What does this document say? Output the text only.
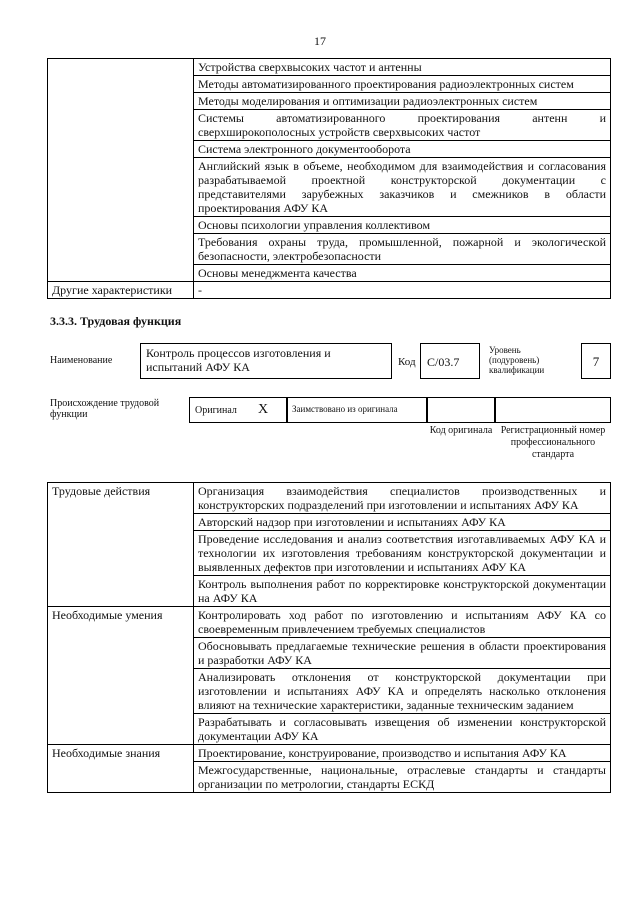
17
	Устройства сверхвысоких частот и антенны
	Методы автоматизированного проектирования радиоэлектронных систем
	Методы моделирования и оптимизации радиоэлектронных систем
	Системы автоматизированного проектирования антенн и сверхширокополосных устройств сверхвысоких частот
	Система электронного документооборота
	Английский язык в объеме, необходимом для взаимодействия и согласования разрабатываемой проектной конструкторской документации с представителями зарубежных заказчиков и смежников в области проектирования АФУ КА
	Основы психологии управления коллективом
	Требования охраны труда, промышленной, пожарной и экологической безопасности, электробезопасности
	Основы менеджмента качества
Другие характеристики	-
3.3.3. Трудовая функция
Наименование
Контроль процессов изготовления и испытаний АФУ КА	Код C/03.7
Уровень (подуровень) квалификации
7
Происхождение трудовой функции	Оригинал X	Заимствовано из оригинала
Код оригинала Регистрационный номер профессионального стандарта
Трудовые действия	Организация взаимодействия специалистов производственных и конструкторских подразделений при изготовлении и испытаниях АФУ КА
	Авторский надзор при изготовлении и испытаниях АФУ КА
	Проведение исследования и анализ соответствия изготавливаемых АФУ КА и технологии их изготовления требованиям конструкторской документации и выявленных дефектов при изготовлении и испытаниях АФУ КА
	Контроль выполнения работ по корректировке конструкторской документации на АФУ КА
Необходимые умения	Контролировать ход работ по изготовлению и испытаниям АФУ КА со своевременным привлечением требуемых специалистов
	Обосновывать предлагаемые технические решения в области проектирования и разработки АФУ КА
	Анализировать отклонения от конструкторской документации при изготовлении и испытаниях АФУ КА и определять насколько отклонения влияют на технические характеристики, заданные техническим заданием
	Разрабатывать и согласовывать извещения об изменении конструкторской документации АФУ КА
Необходимые знания	Проектирование, конструирование, производство и испытания АФУ КА
	Межгосударственные, национальные, отраслевые стандарты и стандарты организации по метрологии, стандарты ЕСКД
